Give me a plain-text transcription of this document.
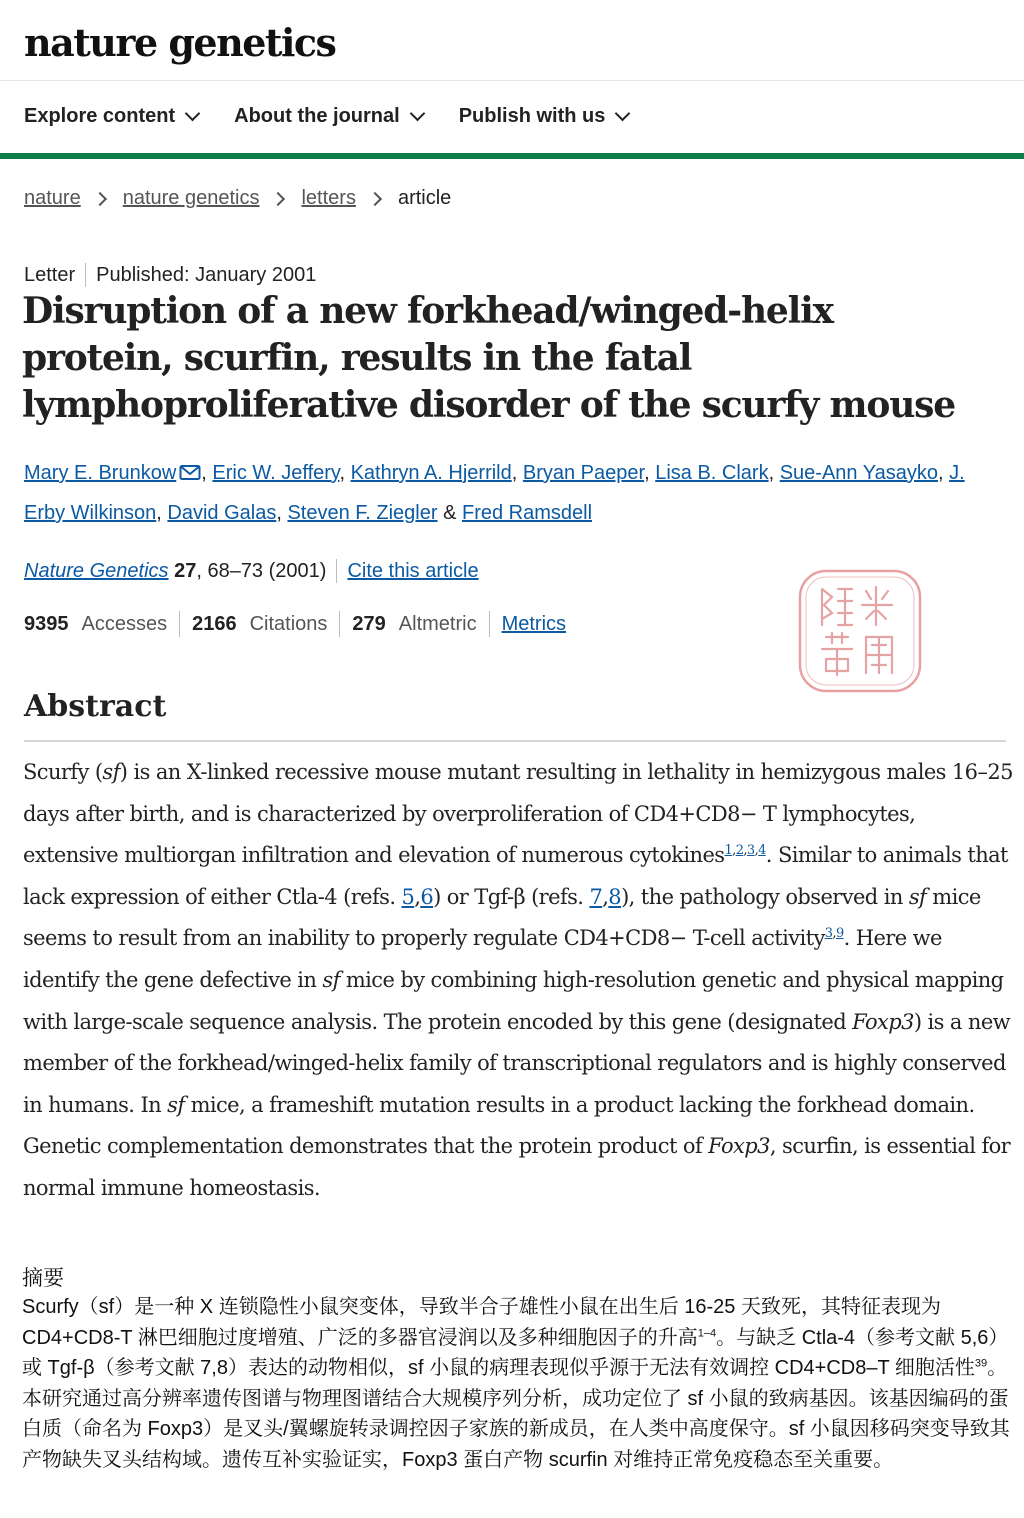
nature genetics
Explore content	About the journal	Publish with us
nature nature genetics letters article
Letter Published: January 2001
Disruption of a new forkhead/winged-helix protein, scurfin, results in the fatal lymphoproliferative disorder of the scurfy mouse
Mary E. Brunkow , Eric W. Jeffery, Kathryn A. Hjerrild, Bryan Paeper, Lisa B. Clark, Sue-Ann Yasayko, J. Erby Wilkinson, David Galas, Steven F. Ziegler & Fred Ramsdell
Nature Genetics
27 , 68–73 (2001) Cite this article
9395 Accesses 2166 Citations 279 Altmetric Metrics
Abstract

Scurfy (sf) is an X-linked recessive mouse mutant resulting in lethality in hemizygous males 16–25 days after birth, and is characterized by overproliferation of CD4+CD8− T lymphocytes, extensive multiorgan infiltration and elevation of numerous cytokines$^{1,2,3,4}$. Similar to animals that lack expression of either Ctla-4 (refs. 5,6) or Tgf-β (refs. 7,8), the pathology observed in sf mice seems to result from an inability to properly regulate CD4+CD8− T-cell activity$^{3,9}$. Here we identify the gene defective in sf mice by combining high-resolution genetic and physical mapping with large-scale sequence analysis. The protein encoded by this gene (designated Foxp3) is a new member of the forkhead/winged-helix family of transcriptional regulators and is highly conserved in humans. In sf mice, a frameshift mutation results in a product lacking the forkhead domain. Genetic complementation demonstrates that the protein product of Foxp3, scurfin, is essential for normal immune homeostasis.

摘要

Scurfy（sf）是一种 X 连锁隐性小鼠突变体，导致半合子雄性小鼠在出生后 16-25 天致死，其特征表现为 CD4+CD8-T 淋巴细胞过度增殖、广泛的多器官浸润以及多种细胞因子的升高$^{1-4}$。与缺乏 Ctla-4（参考文献 5,6）或 Tgf-β（参考文献 7,8）表达的动物相似，sf 小鼠的病理表现似乎源于无法有效调控 CD4+CD8–T 细胞活性$^{39}$。本研究通过高分辨率遗传图谱与物理图谱结合大规模序列分析，成功定位了 sf 小鼠的致病基因。该基因编码的蛋白质（命名为 Foxp3）是叉头/翼螺旋转录调控因子家族的新成员，在人类中高度保守。sf 小鼠因移码突变导致其产物缺失叉头结构域。遗传互补实验证实，Foxp3 蛋白产物 scurfin 对维持正常免疫稳态至关重要。
